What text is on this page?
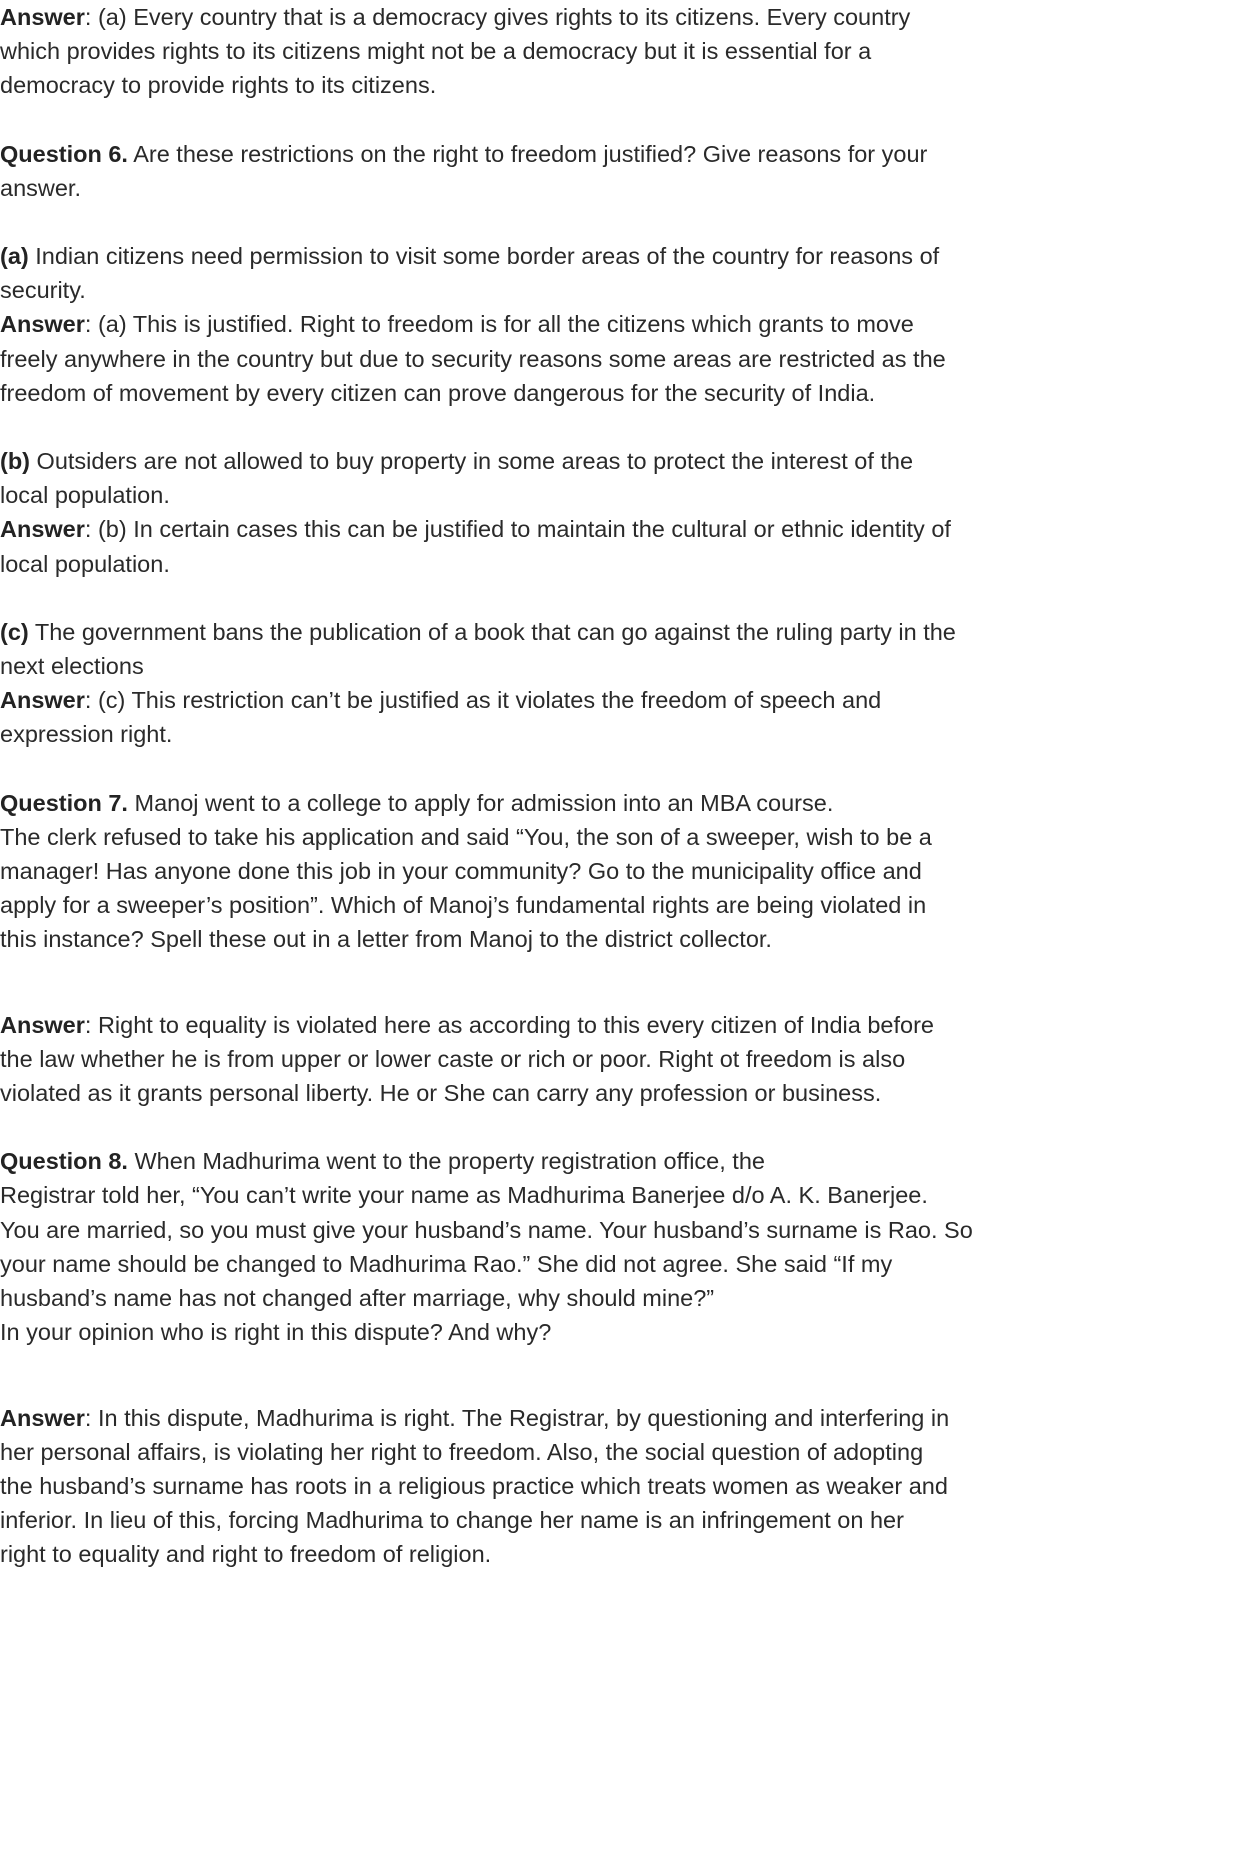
Answer: (a) Every country that is a democracy gives rights to its citizens. Every country
which provides rights to its citizens might not be a democracy but it is essential for a
democracy to provide rights to its citizens.
Question 6. Are these restrictions on the right to freedom justified? Give reasons for your
answer.
(a) Indian citizens need permission to visit some border areas of the country for reasons of
security.
Answer: (a) This is justified. Right to freedom is for all the citizens which grants to move
freely anywhere in the country but due to security reasons some areas are restricted as the
freedom of movement by every citizen can prove dangerous for the security of India.
(b) Outsiders are not allowed to buy property in some areas to protect the interest of the
local population.
Answer: (b) In certain cases this can be justified to maintain the cultural or ethnic identity of
local population.
(c) The government bans the publication of a book that can go against the ruling party in the
next elections
Answer: (c) This restriction can’t be justified as it violates the freedom of speech and
expression right.
Question 7. Manoj went to a college to apply for admission into an MBA course.
The clerk refused to take his application and said “You, the son of a sweeper, wish to be a
manager! Has anyone done this job in your community? Go to the municipality office and
apply for a sweeper’s position”. Which of Manoj’s fundamental rights are being violated in
this instance? Spell these out in a letter from Manoj to the district collector.
Answer: Right to equality is violated here as according to this every citizen of India before
the law whether he is from upper or lower caste or rich or poor. Right ot freedom is also
violated as it grants personal liberty. He or She can carry any profession or business.
Question 8. When Madhurima went to the property registration office, the
Registrar told her, “You can’t write your name as Madhurima Banerjee d/o A. K. Banerjee.
You are married, so you must give your husband’s name. Your husband’s surname is Rao. So
your name should be changed to Madhurima Rao.” She did not agree. She said “If my
husband’s name has not changed after marriage, why should mine?”
In your opinion who is right in this dispute? And why?
Answer: In this dispute, Madhurima is right. The Registrar, by questioning and interfering in
her personal affairs, is violating her right to freedom. Also, the social question of adopting
the husband’s surname has roots in a religious practice which treats women as weaker and
inferior. In lieu of this, forcing Madhurima to change her name is an infringement on her
right to equality and right to freedom of religion.
